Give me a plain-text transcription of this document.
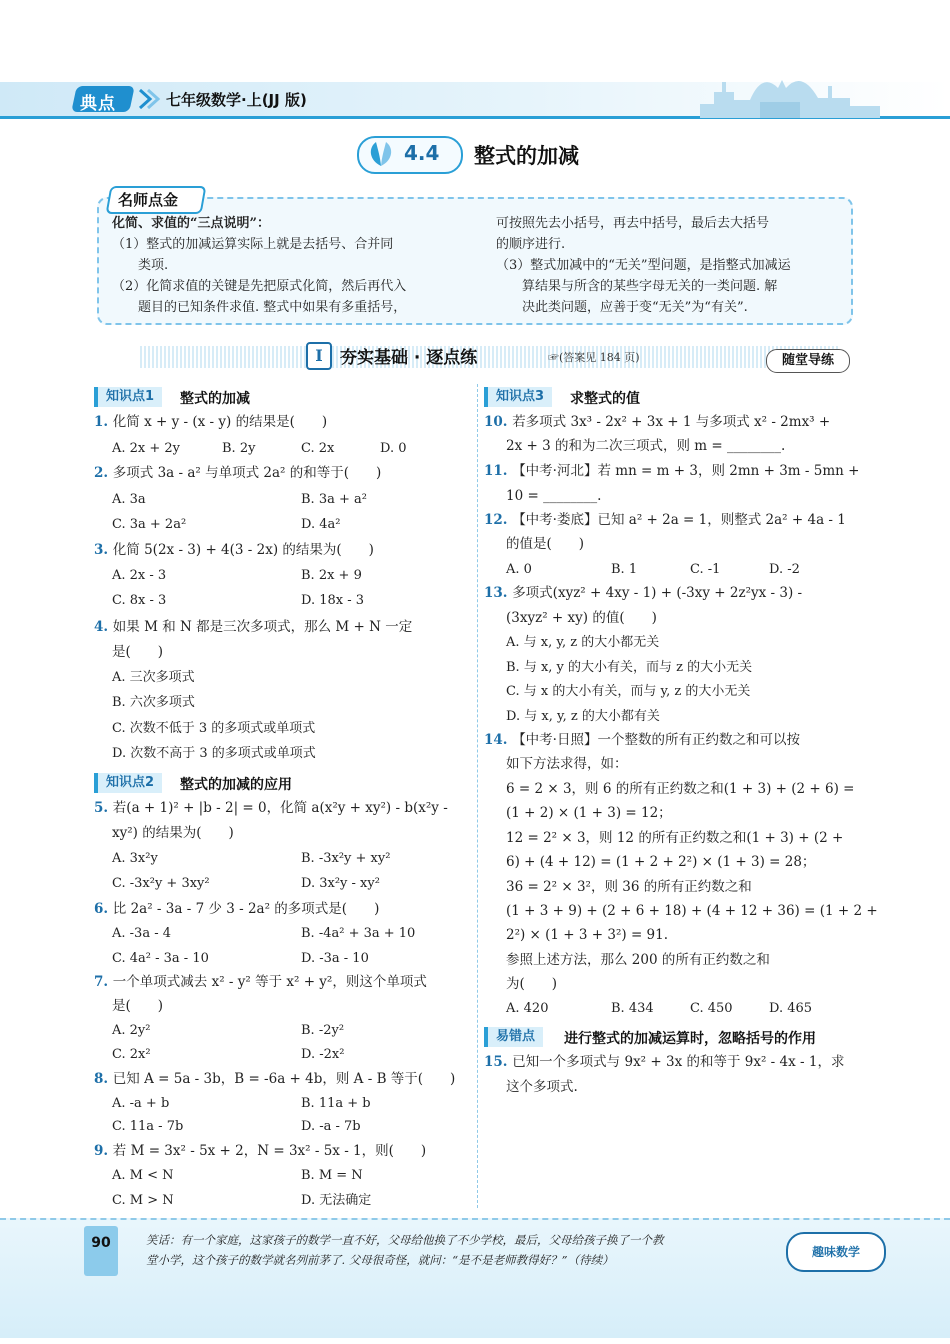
典点	七年级数学·上(JJ 版)
4.4 整式的加减
名师点金
化简、求值的“三点说明”：
（1）整式的加减运算实际上就是去括号、合并同
　　类项.
（2）化简求值的关键是先把原式化简，然后再代入
　　题目的已知条件求值. 整式中如果有多重括号，
可按照先去小括号，再去中括号，最后去大括号
的顺序进行.
（3）整式加减中的“无关”型问题，是指整式加减运
　　算结果与所含的某些字母无关的一类问题. 解
　　决此类问题，应善于变“无关”为“有关”.
I	夯实基础 · 逐点练	☞(答案见 184 页)	随堂导练
知识点1	整式的加减
1. 化简 x + y - (x - y) 的结果是(　　)
A. 2x + 2y	B. 2y	C. 2x	D. 0
2. 多项式 3a - a² 与单项式 2a² 的和等于(　　)
A. 3a	B. 3a + a²
C. 3a + 2a²	D. 4a²
3. 化简 5(2x - 3) + 4(3 - 2x) 的结果为(　　)
A. 2x - 3	B. 2x + 9
C. 8x - 3	D. 18x - 3
4. 如果 M 和 N 都是三次多项式，那么 M + N 一定
是(　　)
A. 三次多项式
B. 六次多项式
C. 次数不低于 3 的多项式或单项式
D. 次数不高于 3 的多项式或单项式
知识点2	整式的加减的应用
5. 若(a + 1)² + |b - 2| = 0，化简 a(x²y + xy²) - b(x²y -
xy²) 的结果为(　　)
A. 3x²y	B. -3x²y + xy²
C. -3x²y + 3xy²	D. 3x²y - xy²
6. 比 2a² - 3a - 7 少 3 - 2a² 的多项式是(　　)
A. -3a - 4	B. -4a² + 3a + 10
C. 4a² - 3a - 10	D. -3a - 10
7. 一个单项式减去 x² - y² 等于 x² + y²，则这个单项式
是(　　)
A. 2y²	B. -2y²
C. 2x²	D. -2x²
8. 已知 A = 5a - 3b，B = -6a + 4b，则 A - B 等于(　　)
A. -a + b	B. 11a + b
C. 11a - 7b	D. -a - 7b
9. 若 M = 3x² - 5x + 2，N = 3x² - 5x - 1，则(　　)
A. M < N	B. M = N
C. M > N	D. 无法确定
知识点3	求整式的值
10. 若多项式 3x³ - 2x² + 3x + 1 与多项式 x² - 2mx³ +
2x + 3 的和为二次三项式，则 m = ________.
11. 【中考·河北】若 mn = m + 3，则 2mn + 3m - 5mn +
10 = ________.
12. 【中考·娄底】已知 a² + 2a = 1，则整式 2a² + 4a - 1
的值是(　　)
A. 0	B. 1	C. -1	D. -2
13. 多项式(xyz² + 4xy - 1) + (-3xy + 2z²yx - 3) -
(3xyz² + xy) 的值(　　)
A. 与 x, y, z 的大小都无关
B. 与 x, y 的大小有关，而与 z 的大小无关
C. 与 x 的大小有关，而与 y, z 的大小无关
D. 与 x, y, z 的大小都有关
14. 【中考·日照】一个整数的所有正约数之和可以按
如下方法求得，如：
6 = 2 × 3，则 6 的所有正约数之和(1 + 3) + (2 + 6) =
(1 + 2) × (1 + 3) = 12；
12 = 2² × 3，则 12 的所有正约数之和(1 + 3) + (2 +
6) + (4 + 12) = (1 + 2 + 2²) × (1 + 3) = 28；
36 = 2² × 3²，则 36 的所有正约数之和
(1 + 3 + 9) + (2 + 6 + 18) + (4 + 12 + 36) = (1 + 2 +
2²) × (1 + 3 + 3²) = 91.
参照上述方法，那么 200 的所有正约数之和
为(　　)
A. 420	B. 434	C. 450	D. 465
易错点	进行整式的加减运算时，忽略括号的作用
15. 已知一个多项式与 9x² + 3x 的和等于 9x² - 4x - 1，求
这个多项式.
90	笑话：有一个家庭，这家孩子的数学一直不好，父母给他换了不少学校，最后，父母给孩子换了一个教
堂小学，这个孩子的数学就名列前茅了. 父母很奇怪，就问：“是不是老师教得好？”（待续）
趣味数学
